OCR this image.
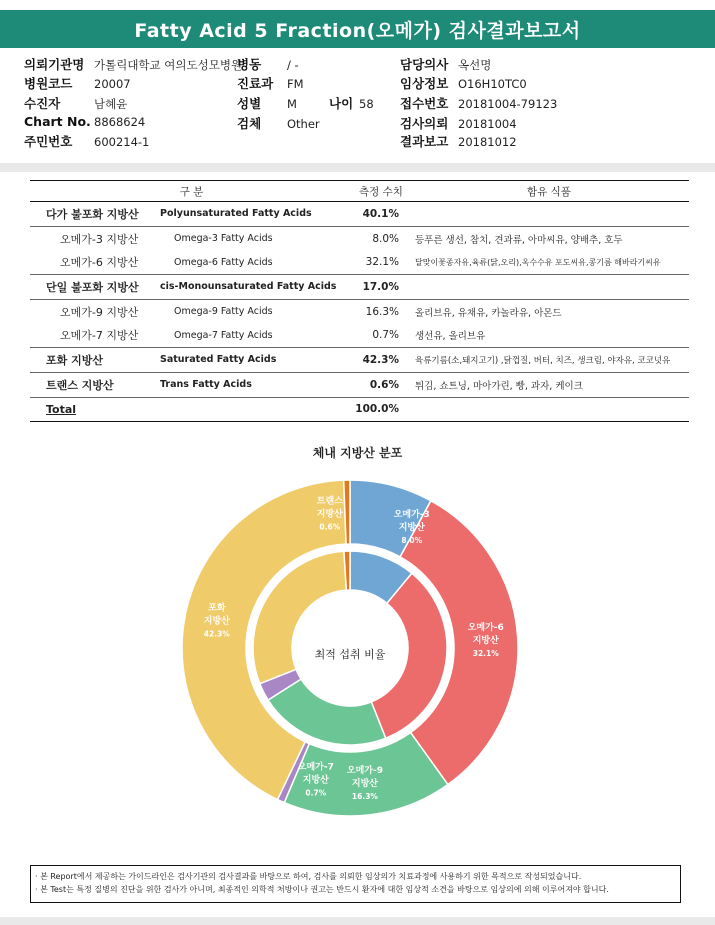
Fatty Acid 5 Fraction(오메가) 검사결과보고서
의뢰기관명 가톨릭대학교 여의도성모병원
병원코드 20007
수진자	남혜윤
Chart No. 8868624
주민번호 600214-1
병동 / -
진료과 FM
성별 M
검체 Other
나이 58
담당의사 옥선명
임상정보 O16H10TC0
접수번호 20181004-79123
검사의뢰 20181004
결과보고 20181012
구 분		측정 수치	함유 식품
다가 불포화 지방산	Polyunsaturated Fatty Acids	40.1%	
오메가-3 지방산	Omega-3 Fatty Acids	8.0%	등푸른 생선, 참치, 견과류, 아마씨유, 양배추, 호두
오메가-6 지방산	Omega-6 Fatty Acids	32.1%	달맞이꽃종자유,육류(닭,오리),옥수수유 포도씨유,콩기름 해바라기씨유
단일 불포화 지방산	cis-Monounsaturated Fatty Acids	17.0%	
오메가-9 지방산	Omega-9 Fatty Acids	16.3%	올리브유, 유채유, 카놀라유, 아몬드
오메가-7 지방산	Omega-7 Fatty Acids	0.7%	생선유, 올리브유
포화 지방산	Saturated Fatty Acids	42.3%	육류기름(소,돼지고기) ,닭껍질, 버터, 치즈, 생크림, 야자유, 코코넛유
트랜스 지방산	Trans Fatty Acids	0.6%	튀김, 쇼트닝, 마아가린, 빵, 과자, 케이크
Total		100.0%	
체내 지방산 분포
오메가-3 지방산 8.0%
오메가-6 지방산 32.1%
오메가-9 지방산 16.3%
오메가-7 지방산 0.7%
포화 지방산 42.3%
트랜스 지방산 0.6%
최적 섭취 비율
· 본 Report에서 제공하는 가이드라인은 검사기관의 검사결과를 바탕으로 하여, 검사를 의뢰한 임상의가 치료과정에 사용하기 위한 목적으로 작성되었습니다.
· 본 Test는 특정 질병의 진단을 위한 검사가 아니며, 최종적인 의학적 처방이나 권고는 반드시 환자에 대한 임상적 소견을 바탕으로 임상의에 의해 이루어져야 합니다.
